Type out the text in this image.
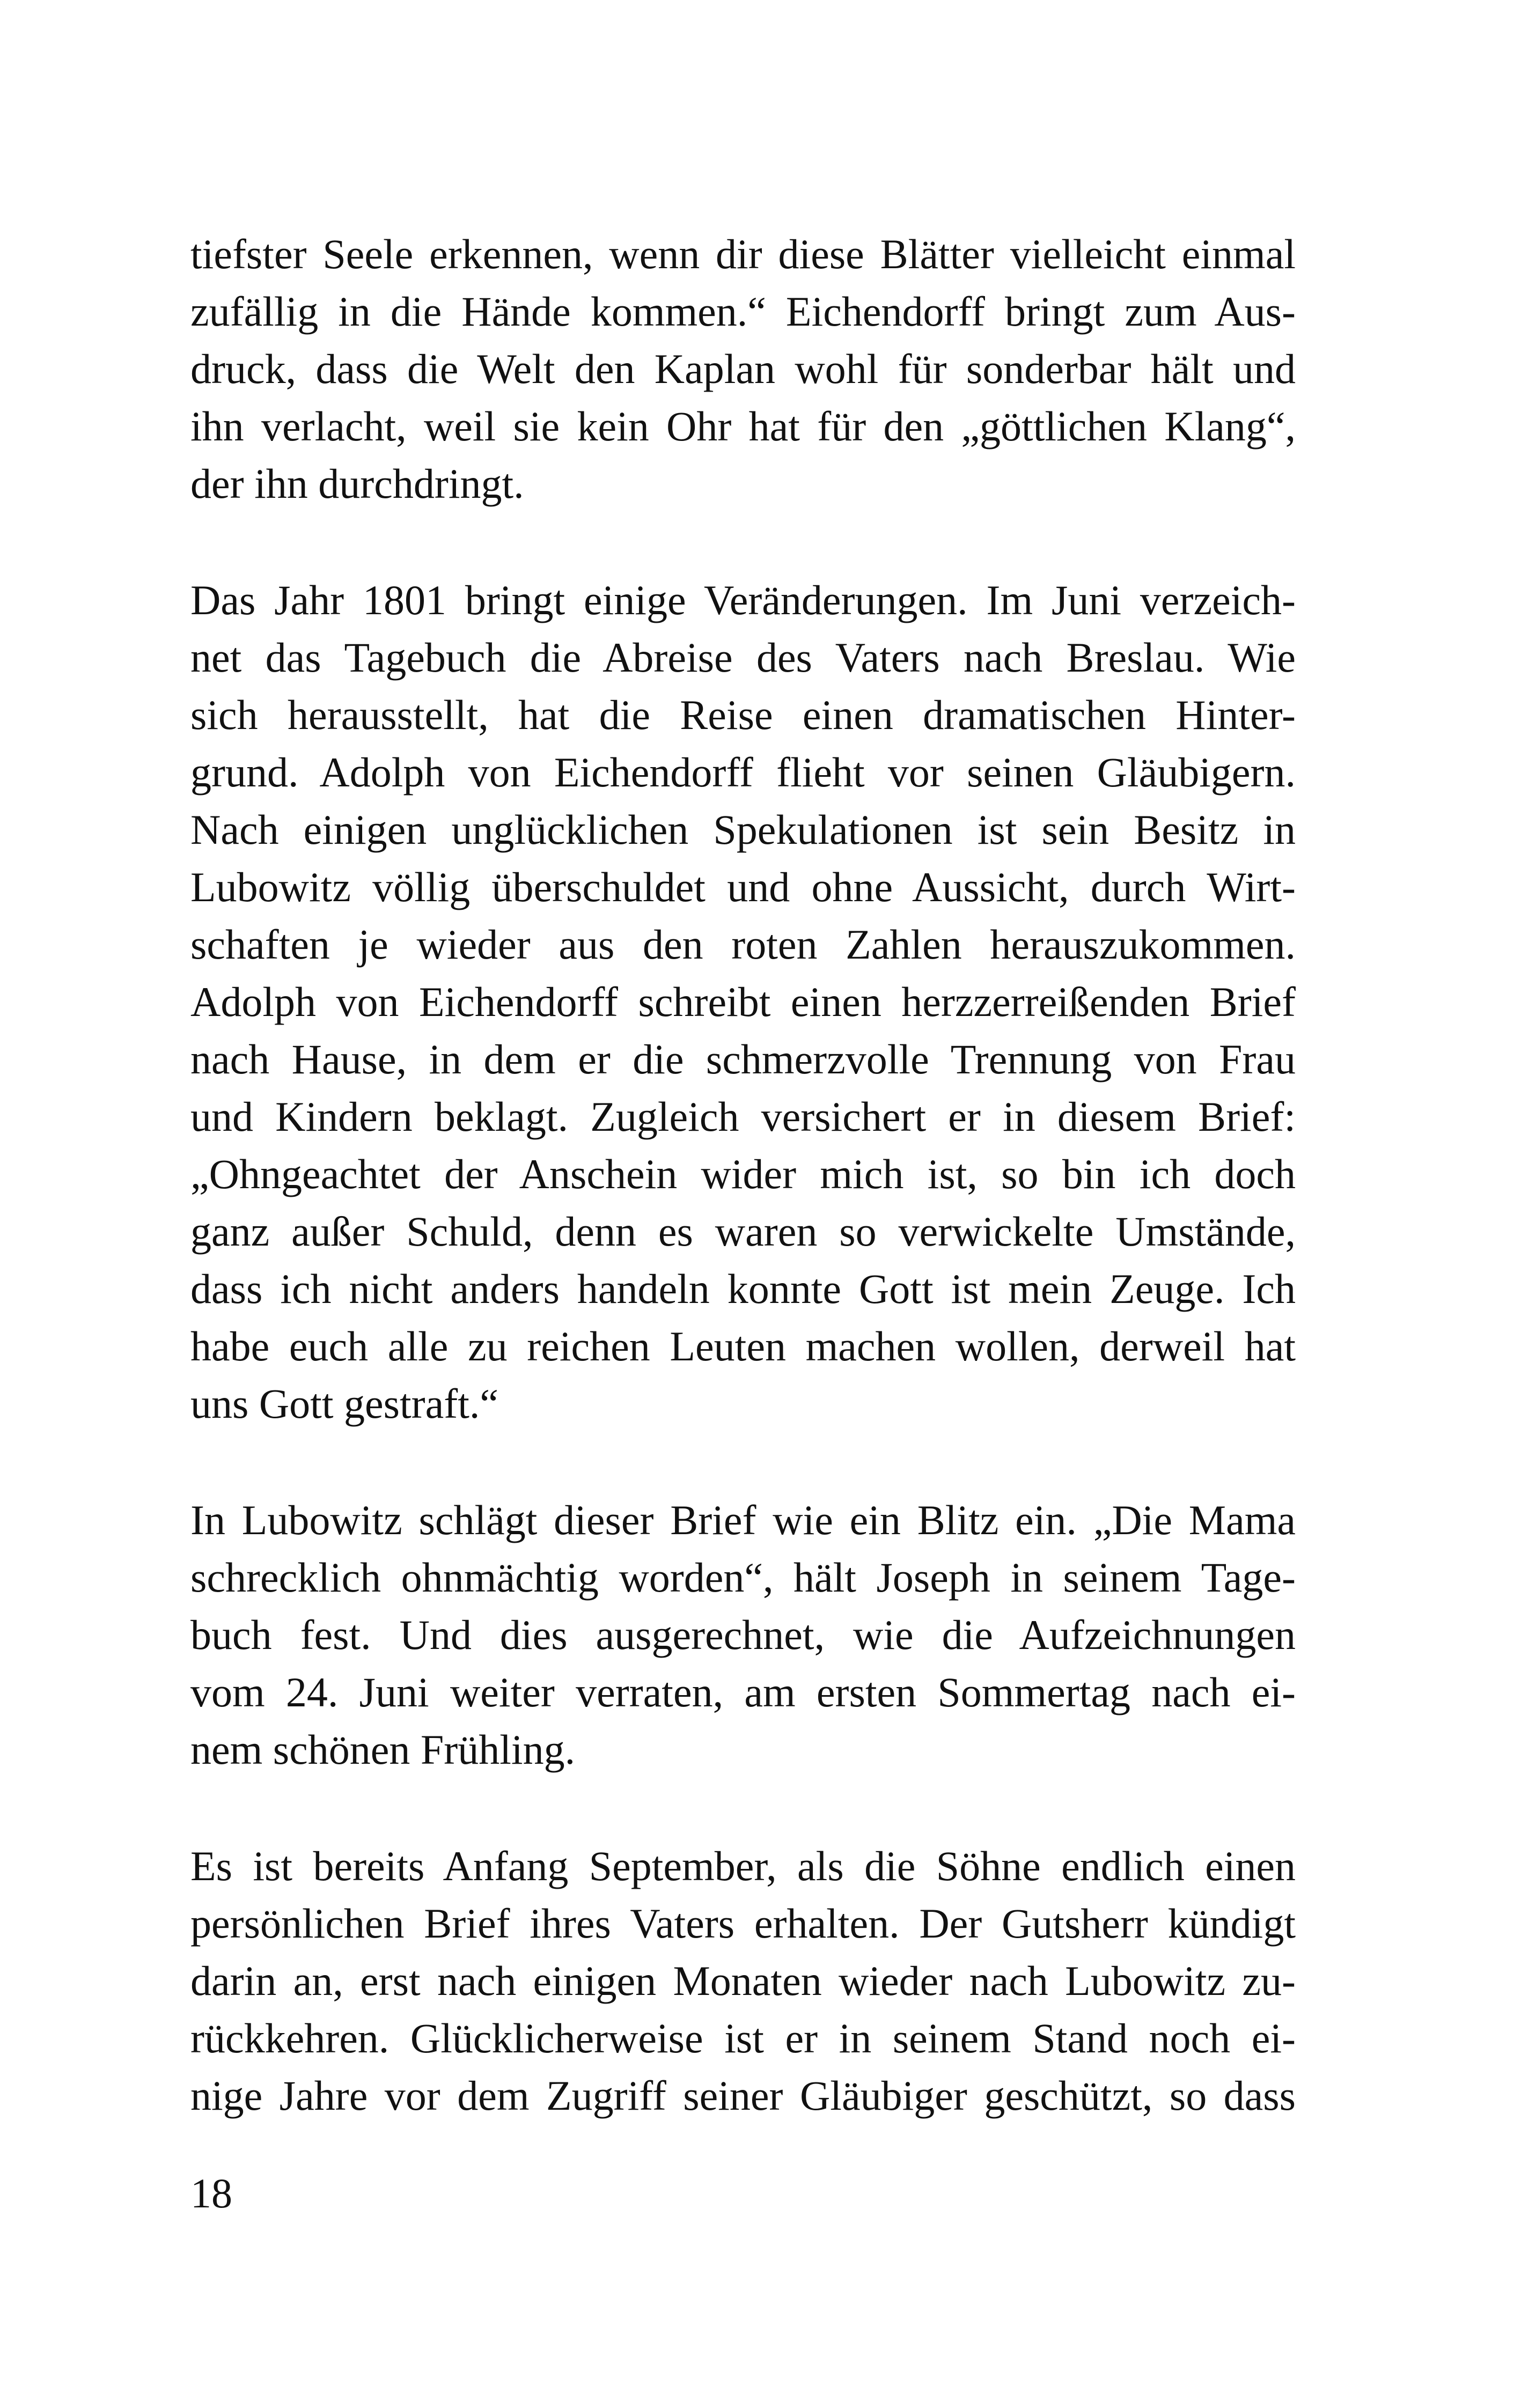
tiefster Seele erkennen, wenn dir diese Blätter vielleicht einmal
zufällig in die Hände kommen.“ Eichendorff bringt zum Aus-
druck, dass die Welt den Kaplan wohl für sonderbar hält und
ihn verlacht, weil sie kein Ohr hat für den „göttlichen Klang“,
der ihn durchdringt.

Das Jahr 1801 bringt einige Veränderungen. Im Juni verzeich-
net das Tagebuch die Abreise des Vaters nach Breslau. Wie
sich herausstellt, hat die Reise einen dramatischen Hinter-
grund. Adolph von Eichendorff flieht vor seinen Gläubigern.
Nach einigen unglücklichen Spekulationen ist sein Besitz in
Lubowitz völlig überschuldet und ohne Aussicht, durch Wirt-
schaften je wieder aus den roten Zahlen herauszukommen.
Adolph von Eichendorff schreibt einen herzzerreißenden Brief
nach Hause, in dem er die schmerzvolle Trennung von Frau
und Kindern beklagt. Zugleich versichert er in diesem Brief:
„Ohngeachtet der Anschein wider mich ist, so bin ich doch
ganz außer Schuld, denn es waren so verwickelte Umstände,
dass ich nicht anders handeln konnte Gott ist mein Zeuge. Ich
habe euch alle zu reichen Leuten machen wollen, derweil hat
uns Gott gestraft.“

In Lubowitz schlägt dieser Brief wie ein Blitz ein. „Die Mama
schrecklich ohnmächtig worden“, hält Joseph in seinem Tage-
buch fest. Und dies ausgerechnet, wie die Aufzeichnungen
vom 24. Juni weiter verraten, am ersten Sommertag nach ei-
nem schönen Frühling.

Es ist bereits Anfang September, als die Söhne endlich einen
persönlichen Brief ihres Vaters erhalten. Der Gutsherr kündigt
darin an, erst nach einigen Monaten wieder nach Lubowitz zu-
rückkehren. Glücklicherweise ist er in seinem Stand noch ei-
nige Jahre vor dem Zugriff seiner Gläubiger geschützt, so dass

18
